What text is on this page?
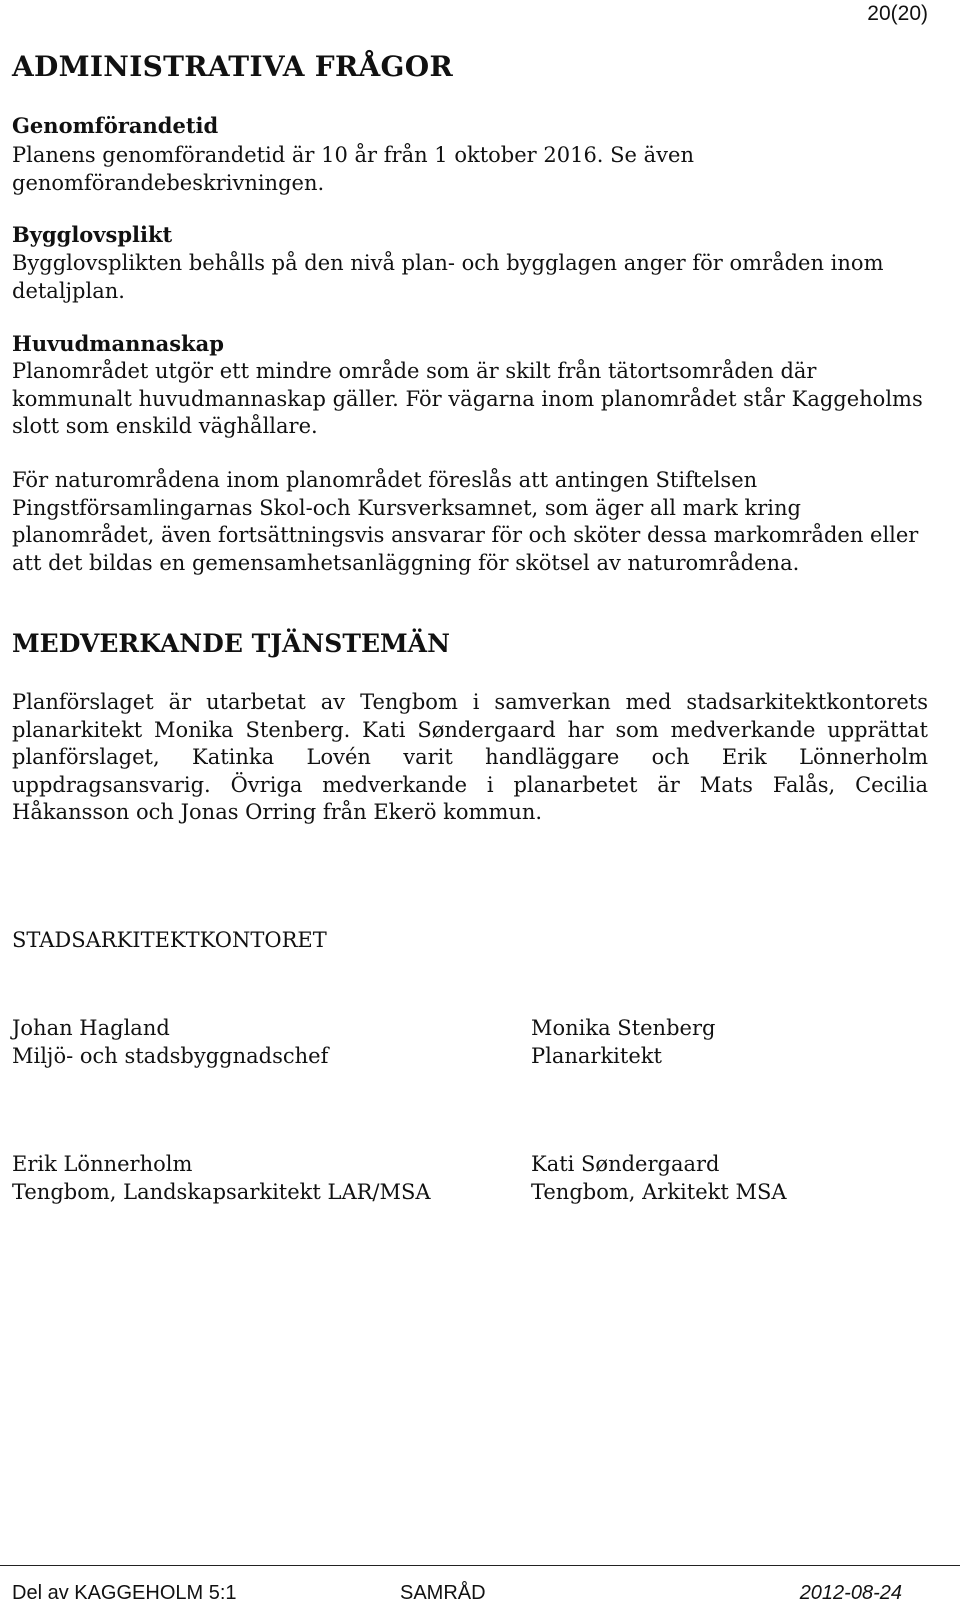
20(20)
ADMINISTRATIVA FRÅGOR
Genomförandetid
Planens genomförandetid är 10 år från 1 oktober 2016. Se även
genomförandebeskrivningen.
Bygglovsplikt
Bygglovsplikten behålls på den nivå plan- och bygglagen anger för områden inom
detaljplan.
Huvudmannaskap
Planområdet utgör ett mindre område som är skilt från tätortsområden där
kommunalt huvudmannaskap gäller. För vägarna inom planområdet står Kaggeholms
slott som enskild väghållare.
För naturområdena inom planområdet föreslås att antingen Stiftelsen
Pingstförsamlingarnas Skol-och Kursverksamnet, som äger all mark kring
planområdet, även fortsättningsvis ansvarar för och sköter dessa markområden eller
att det bildas en gemensamhetsanläggning för skötsel av naturområdena.
MEDVERKANDE TJÄNSTEMÄN

Planförslaget är utarbetat av Tengbom i samverkan med stadsarkitektkontorets planarkitekt Monika Stenberg. Kati Søndergaard har som medverkande upprättat planförslaget, Katinka Lovén varit handläggare och Erik Lönnerholm uppdragsansvarig. Övriga medverkande i planarbetet är Mats Falås, Cecilia Håkansson och Jonas Orring från Ekerö kommun.

STADSARKITEKTKONTORET
Johan Hagland
Miljö- och stadsbyggnadschef
Monika Stenberg
Planarkitekt
Erik Lönnerholm
Tengbom, Landskapsarkitekt LAR/MSA
Kati Søndergaard
Tengbom, Arkitekt MSA
Del av KAGGEHOLM 5:1	SAMRÅD	2012-08-24
